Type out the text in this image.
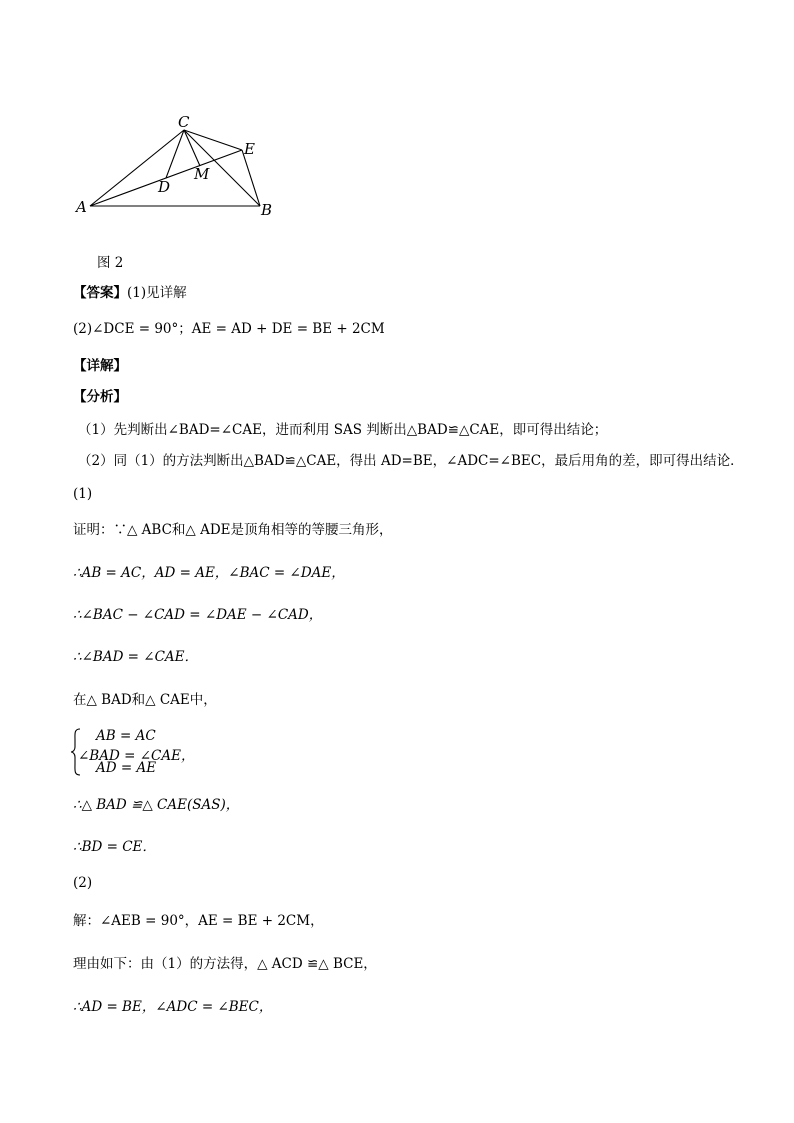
C
E
M
D
A	B
图 2
【答案】(1)见详解
(2)∠DCE = 90°；AE = AD + DE = BE + 2CM
【详解】
【分析】
（1）先判断出∠BAD=∠CAE，进而利用 SAS 判断出△BAD≌△CAE，即可得出结论；
（2）同（1）的方法判断出△BAD≌△CAE，得出 AD=BE，∠ADC=∠BEC，最后用角的差，即可得出结论．
(1)
证明：∵△ ABC和△ ADE是顶角相等的等腰三角形，
∴AB = AC，AD = AE，∠BAC = ∠DAE，
∴∠BAC − ∠CAD = ∠DAE − ∠CAD，
∴∠BAD = ∠CAE．
在△ BAD和△ CAE中，
AB = AC
∠BAD = ∠CAE，
AD = AE
∴△ BAD ≌△ CAE(SAS)，
∴BD = CE．
(2)
解：∠AEB = 90°，AE = BE + 2CM，
理由如下：由（1）的方法得，△ ACD ≌△ BCE，
∴AD = BE，∠ADC = ∠BEC，
